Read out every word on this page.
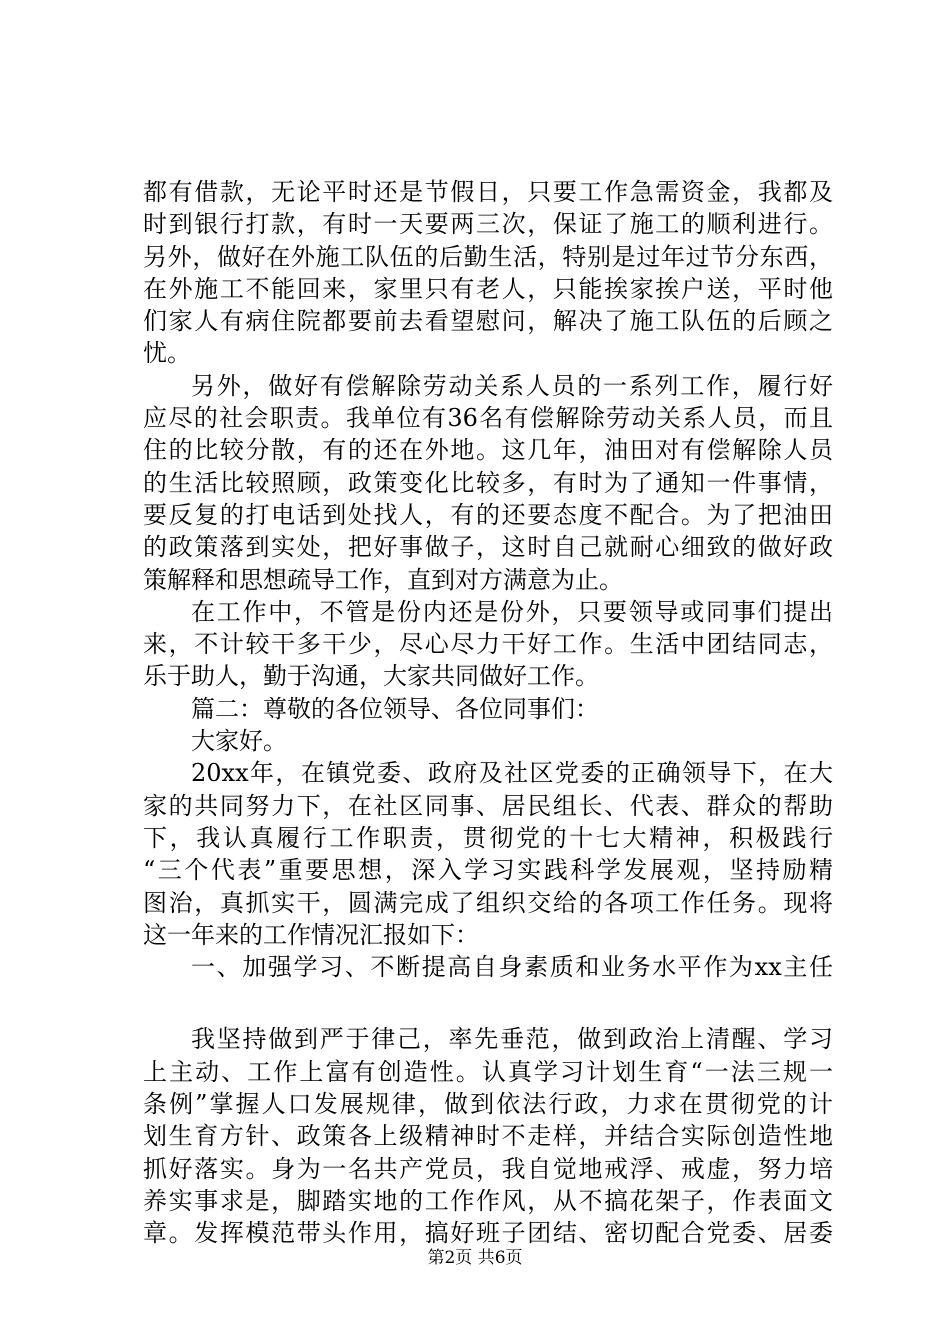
都有借款，无论平时还是节假日，只要工作急需资金，我都及
时到银行打款，有时一天要两三次，保证了施工的顺利进行。
另外，做好在外施工队伍的后勤生活，特别是过年过节分东西，
在外施工不能回来，家里只有老人，只能挨家挨户送，平时他
们家人有病住院都要前去看望慰问，解决了施工队伍的后顾之
忧。
另外，做好有偿解除劳动关系人员的一系列工作，履行好
应尽的社会职责。我单位有36名有偿解除劳动关系人员，而且
住的比较分散，有的还在外地。这几年，油田对有偿解除人员
的生活比较照顾，政策变化比较多，有时为了通知一件事情，
要反复的打电话到处找人，有的还要态度不配合。为了把油田
的政策落到实处，把好事做子，这时自己就耐心细致的做好政
策解释和思想疏导工作，直到对方满意为止。
在工作中，不管是份内还是份外，只要领导或同事们提出
来，不计较干多干少，尽心尽力干好工作。生活中团结同志，
乐于助人，勤于沟通，大家共同做好工作。
篇二：尊敬的各位领导、各位同事们：
大家好。
20xx年，在镇党委、政府及社区党委的正确领导下，在大
家的共同努力下，在社区同事、居民组长、代表、群众的帮助
下，我认真履行工作职责，贯彻党的十七大精神，积极践行
“三个代表”重要思想，深入学习实践科学发展观，坚持励精
图治，真抓实干，圆满完成了组织交给的各项工作任务。现将
这一年来的工作情况汇报如下：
一、加强学习、不断提高自身素质和业务水平作为xx主任
我坚持做到严于律己，率先垂范，做到政治上清醒、学习
上主动、工作上富有创造性。认真学习计划生育“一法三规一
条例”掌握人口发展规律，做到依法行政，力求在贯彻党的计
划生育方针、政策各上级精神时不走样，并结合实际创造性地
抓好落实。身为一名共产党员，我自觉地戒浮、戒虚，努力培
养实事求是，脚踏实地的工作作风，从不搞花架子，作表面文
章。发挥模范带头作用，搞好班子团结、密切配合党委、居委
第2页 共6页
